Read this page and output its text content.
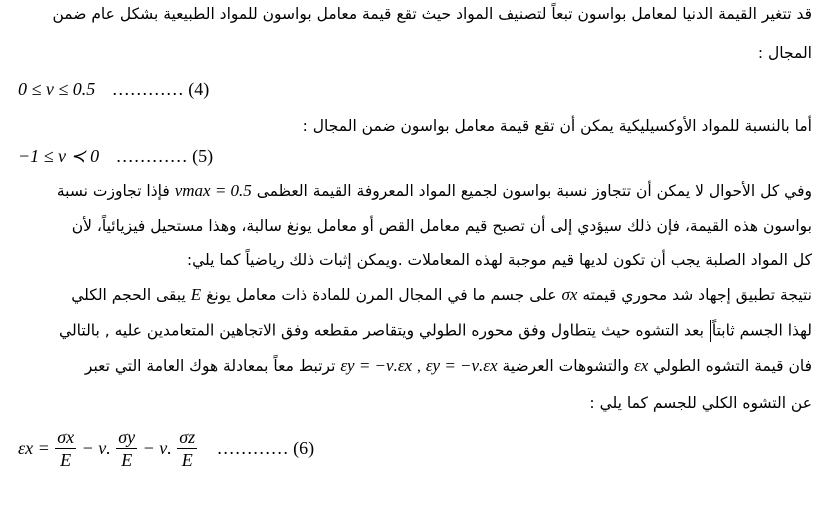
قد تتغير القيمة الدنيا لمعامل بواسون تبعاً لتصنيف المواد حيث تقع قيمة معامل بواسون للمواد الطبيعية بشكل عام ضمن
المجال :
0 ≤ ν ≤ 0.5 ………… (4)
أما بالنسبة للمواد الأوكسيليكية يمكن أن تقع قيمة معامل بواسون ضمن المجال :
−1 ≤ ν ≺ 0 ………… (5)
وفي كل الأحوال لا يمكن أن تتجاوز نسبة بواسون لجميع المواد المعروفة القيمة العظمى νmax = 0.5 فإذا تجاوزت نسبة
بواسون هذه القيمة، فإن ذلك سيؤدي إلى أن تصبح قيم معامل القص أو معامل يونغ سالبة، وهذا مستحيل فيزيائياً، لأن
كل المواد الصلبة يجب أن تكون لديها قيم موجبة لهذه المعاملات .ويمكن إثبات ذلك رياضياً كما يلي:
نتيجة تطبيق إجهاد شد محوري قيمته σx على جسم ما في المجال المرن للمادة ذات معامل يونغ E يبقى الحجم الكلي
لهذا الجسم ثابتاً بعد التشوه حيث يتطاول وفق محوره الطولي ويتقاصر مقطعه وفق الاتجاهين المتعامدين عليه , بالتالي
فان قيمة التشوه الطولي εx والتشوهات العرضية εy = −ν.εx , εy = −ν.εx ترتبط معاً بمعادلة هوك العامة التي تعبر
عن التشوه الكلي للجسم كما يلي :
$\varepsilon x = \frac{\sigma x}{E} - \nu$. $\frac{\sigma y}{E} - \nu$. $\frac{\sigma z}{E}$ ………… (6)
